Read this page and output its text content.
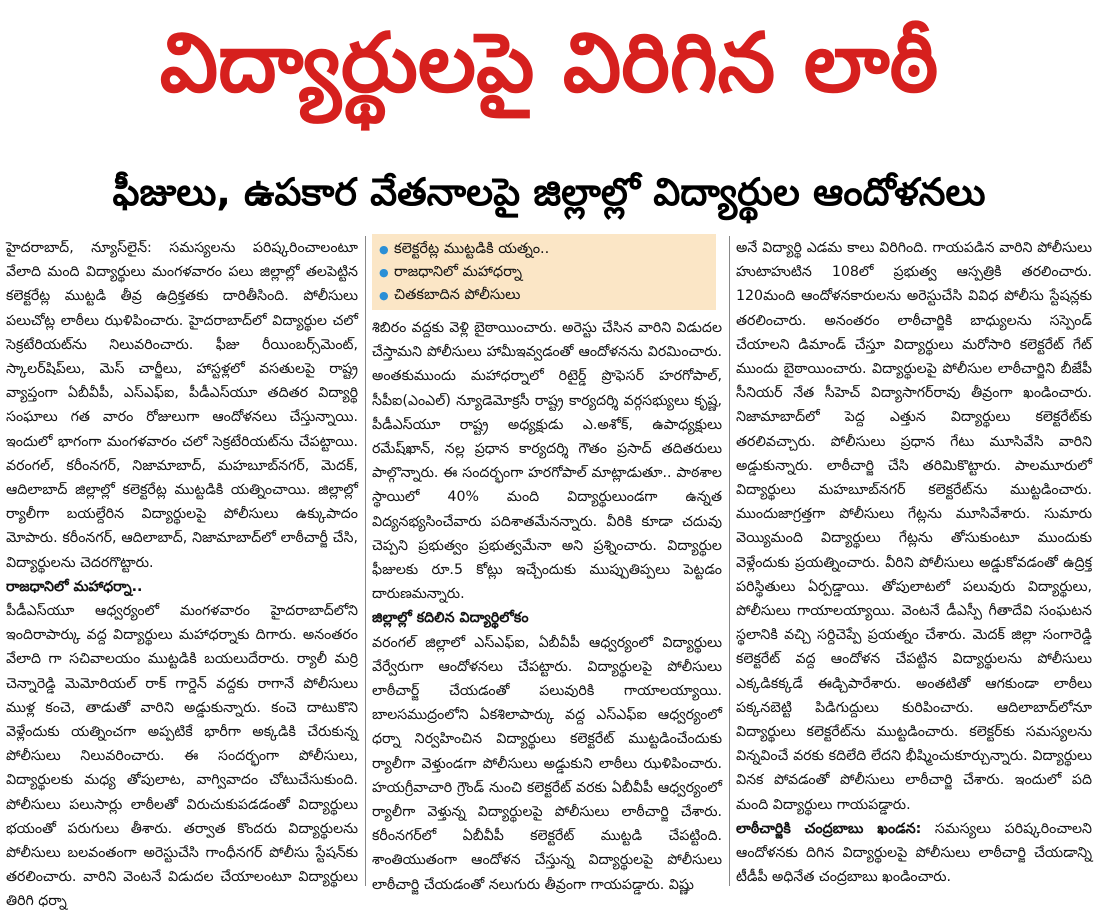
విద్యార్థులపై విరిగిన లాఠీ
ఫీజులు, ఉపకార వేతనాలపై జిల్లాల్లో విద్యార్థుల ఆందోళనలు

హైదరాబాద్, న్యూస్‌లైన్: సమస్యలను పరిష్కరించాలంటూ వేలాది మంది విద్యార్థులు మంగళవారం పలు జిల్లాల్లో తలపెట్టిన కలెక్టరేట్ల ముట్టడి తీవ్ర ఉద్రిక్తతకు దారితీసింది. పోలీసులు పలుచోట్ల లాఠీలు ఝళిపించారు. హైదరాబాద్‌లో విద్యార్థుల చలో సెక్రటేరియట్‌ను నిలువరించారు. ఫీజు రీయింబర్స్‌మెంట్, స్కాలర్‌షిప్‌లు, మెస్ చార్జీలు, హాస్టళ్లలో వసతులపై రాష్ట్ర వ్యాప్తంగా ఏబీవీపీ, ఎస్‌ఎఫ్‌ఐ, పీడీఎస్‌యూ తదితర విద్యార్థి సంఘాలు గత వారం రోజులుగా ఆందోళనలు చేస్తున్నాయి. ఇందులో భాగంగా మంగళవారం చలో సెక్రటేరియట్‌ను చేపట్టాయి. వరంగల్, కరీంనగర్, నిజామాబాద్, మహబూబ్‌నగర్, మెదక్, ఆదిలాబాద్ జిల్లాల్లో కలెక్టరేట్ల ముట్టడికి యత్నించాయి. జిల్లాల్లో ర్యాలీగా బయల్దేరిన విద్యార్థులపై పోలీసులు ఉక్కుపాదం మోపారు. కరీంనగర్, ఆదిలాబాద్, నిజామాబాద్‌లో లాఠీచార్జీ చేసి, విద్యార్థులను చెదరగొట్టారు.

రాజధానిలో మహాధర్నా..

పీడీఎస్‌యూ ఆధ్వర్యంలో మంగళవారం హైదరాబాద్‌లోని ఇందిరాపార్కు వద్ద విద్యార్థులు మహాధర్నాకు దిగారు. అనంతరం వేలాది గా సచివాలయం ముట్టడికి బయలుదేరారు. ర్యాలీ మర్రి చెన్నారెడ్డి మెమోరియల్ రాక్ గార్డెన్ వద్దకు రాగానే పోలీసులు ముళ్ల కంచె, తాడుతో వారిని అడ్డుకున్నారు. కంచె దాటుకొని వెళ్లేందుకు యత్నించగా అప్పటికే భారీగా అక్కడికి చేరుకున్న పోలీసులు నిలువరించారు. ఈ సందర్భంగా పోలీసులు, విద్యార్థులకు మధ్య తోపులాట, వాగ్వివాదం చోటుచేసుకుంది. పోలీసులు పలుసార్లు లాఠీలతో విరుచుకుపడడంతో విద్యార్థులు భయంతో పరుగులు తీశారు. తర్వాత కొందరు విద్యార్థులను పోలీసులు బలవంతంగా అరెస్టుచేసి గాంధీనగర్ పోలీసు స్టేషన్‌కు తరలించారు. వారిని వెంటనే విడుదల చేయాలంటూ విద్యార్థులు తిరిగి ధర్నా

● కలెక్టరేట్ల ముట్టడికి యత్నం..
● రాజధానిలో మహాధర్నా
● చితకబాదిన పోలీసులు

శిబిరం వద్దకు వెళ్లి బైఠాయించారు. అరెస్టు చేసిన వారిని విడుదల చేస్తామని పోలీసులు హామీఇవ్వడంతో ఆందోళనను విరమించారు. అంతకుముందు మహాధర్నాలో రిటైర్డ్ ప్రొఫెసర్ హరగోపాల్, సీపీఐ(ఎంఎల్) న్యూడెమోక్రసీ రాష్ట్ర కార్యదర్శి వర్గసభ్యులు కృష్ణ, పీడీఎస్‌యూ రాష్ట్ర అధ్యక్షుడు ఎ.అశోక్, ఉపాధ్యక్షులు రమేష్‌ఖాన్, నల్ల ప్రధాన కార్యదర్శి గౌతం ప్రసాద్ తదితరులు పాల్గొన్నారు. ఈ సందర్భంగా హరగోపాల్ మాట్లాడుతూ.. పాఠశాల స్థాయిలో 40% మంది విద్యార్థులుండగా ఉన్నత విద్యనభ్యసించేవారు పదిశాతమేనన్నారు. వీరికి కూడా చదువు చెప్పని ప్రభుత్వం ప్రభుత్వమేనా అని ప్రశ్నించారు. విద్యార్థుల ఫీజులకు రూ.5 కోట్లు ఇచ్చేందుకు ముప్పుతిప్పలు పెట్టడం దారుణమన్నారు.

జిల్లాల్లో కదిలిన విద్యార్థిలోకం

వరంగల్ జిల్లాలో ఎస్‌ఎఫ్‌ఐ, ఏబీవీపీ ఆధ్వర్యంలో విద్యార్థులు వేర్వేరుగా ఆందోళనలు చేపట్టారు. విద్యార్థులపై పోలీసులు లాఠీచార్జ్ చేయడంతో పలువురికి గాయాలయ్యాయి. బాలసముద్రంలోని ఏకశిలాపార్కు వద్ద ఎస్‌ఎఫ్‌ఐ ఆధ్వర్యంలో ధర్నా నిర్వహించిన విద్యార్థులు కలెక్టరేట్ ముట్టడించేందుకు ర్యాలీగా వెళ్తుండగా పోలీసులు అడ్డుకుని లాఠీలు ఝళిపించారు. హయగ్రీవాచారి గ్రౌండ్ నుంచి కలెక్టరేట్ వరకు ఏబీవీపీ ఆధ్వర్యంలో ర్యాలీగా వెళ్తున్న విద్యార్థులపై పోలీసులు లాఠీచార్జి చేశారు. కరీంనగర్‌లో ఏబీవీపీ కలెక్టరేట్ ముట్టడి చేపట్టింది. శాంతియుతంగా ఆందోళన చేస్తున్న విద్యార్థులపై పోలీసులు లాఠీచార్జి చేయడంతో నలుగురు తీవ్రంగా గాయపడ్డారు. విష్ణు

అనే విద్యార్థి ఎడమ కాలు విరిగింది. గాయపడిన వారిని పోలీసులు హుటాహుటిన 108లో ప్రభుత్వ ఆస్పత్రికి తరలించారు. 120మంది ఆందోళనకారులను అరెస్టుచేసి వివిధ పోలీసు స్టేషన్లకు తరలించారు. అనంతరం లాఠీచార్జికి బాధ్యులను సస్పెండ్ చేయాలని డిమాండ్ చేస్తూ విద్యార్థులు మరోసారి కలెక్టరేట్ గేట్ ముందు బైఠాయించారు. విద్యార్థులపై పోలీసుల లాఠీచార్జిని బీజేపీ సీనియర్ నేత సీహెచ్ విద్యాసాగర్‌రావు తీవ్రంగా ఖండించారు. నిజామాబాద్‌లో పెద్ద ఎత్తున విద్యార్థులు కలెక్టరేట్‌కు తరలివచ్చారు. పోలీసులు ప్రధాన గేటు మూసివేసి వారిని అడ్డుకున్నారు. లాఠీచార్జి చేసి తరిమికొట్టారు. పాలమూరులో విద్యార్థులు మహబూబ్‌నగర్ కలెక్టరేట్‌ను ముట్టడించారు. ముందుజాగ్రత్తగా పోలీసులు గేట్లను మూసివేశారు. సుమారు వెయ్యిమంది విద్యార్థులు గేట్లను తోసుకుంటూ ముందుకు వెళ్లేందుకు ప్రయత్నించారు. వీరిని పోలీసులు అడ్డుకోవడంతో ఉద్రిక్త పరిస్థితులు ఏర్పడ్డాయి. తోపులాటలో పలువురు విద్యార్థులు, పోలీసులు గాయాలయ్యాయి. వెంటనే డీఎస్పీ గీతాదేవి సంఘటన స్థలానికి వచ్చి సర్దిచెప్పే ప్రయత్నం చేశారు. మెదక్ జిల్లా సంగారెడ్డి కలెక్టరేట్ వద్ద ఆందోళన చేపట్టిన విద్యార్థులను పోలీసులు ఎక్కడికక్కడే ఈడ్చిపారేశారు. అంతటితో ఆగకుండా లాఠీలు పక్కనబెట్టి పిడిగుద్దులు కురిపించారు. ఆదిలాబాద్‌లోనూ విద్యార్థులు కలెక్టరేట్‌ను ముట్టడించారు. కలెక్టర్‌కు సమస్యలను విన్నవించే వరకు కదిలేది లేదని భీష్మించుకూర్చున్నారు. విద్యార్థులు వినక పోవడంతో పోలీసులు లాఠీచార్జి చేశారు. ఇందులో పది మంది విద్యార్థులు గాయపడ్డారు.

లాఠీచార్జికి చంద్రబాబు ఖండన: సమస్యలు పరిష్కరించాలని ఆందోళనకు దిగిన విద్యార్థులపై పోలీసులు లాఠీచార్జి చేయడాన్ని టీడీపీ అధినేత చంద్రబాబు ఖండించారు.
